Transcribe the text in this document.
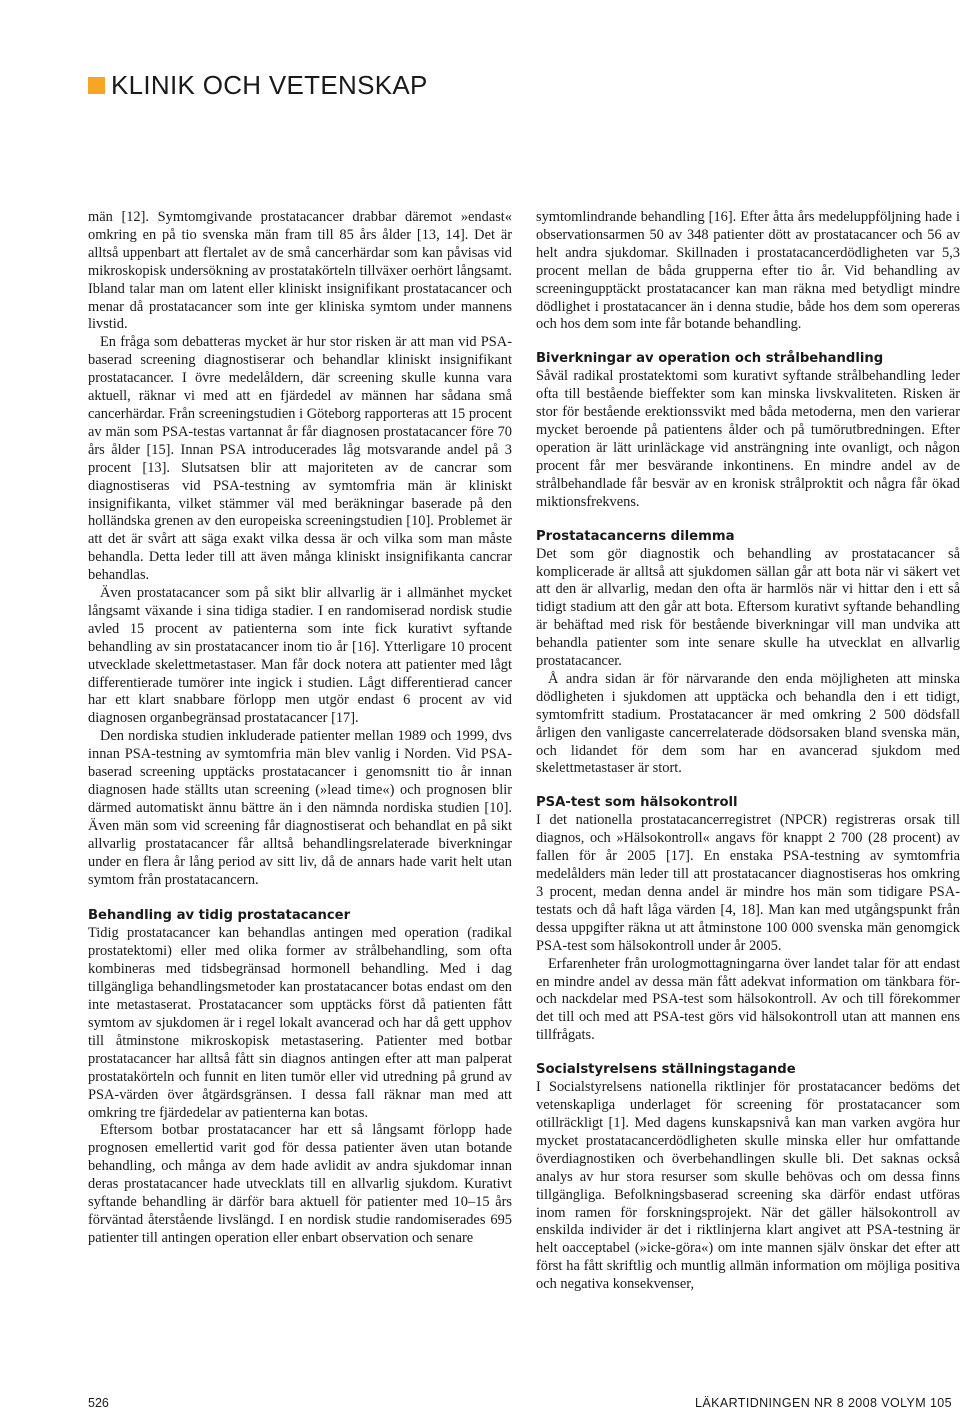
KLINIK OCH VETENSKAP

män [12]. Symtomgivande prostatacancer drabbar däremot »endast« omkring en på tio svenska män fram till 85 års ålder [13, 14]. Det är alltså uppenbart att flertalet av de små cancerhärdar som kan påvisas vid mikroskopisk undersökning av prostatakörteln tillväxer oerhört långsamt. Ibland talar man om latent eller kliniskt insignifikant prostatacancer och menar då prostatacancer som inte ger kliniska symtom under mannens livstid.

En fråga som debatteras mycket är hur stor risken är att man vid PSA-baserad screening diagnostiserar och behandlar kliniskt insignifikant prostatacancer. I övre medelåldern, där screening skulle kunna vara aktuell, räknar vi med att en fjärdedel av männen har sådana små cancerhärdar. Från screeningstudien i Göteborg rapporteras att 15 procent av män som PSA-testas vartannat år får diagnosen prostatacancer före 70 års ålder [15]. Innan PSA introducerades låg motsvarande andel på 3 procent [13]. Slutsatsen blir att majoriteten av de cancrar som diagnostiseras vid PSA-testning av symtomfria män är kliniskt insignifikanta, vilket stämmer väl med beräkningar baserade på den holländska grenen av den europeiska screeningstudien [10]. Problemet är att det är svårt att säga exakt vilka dessa är och vilka som man måste behandla. Detta leder till att även många kliniskt insignifikanta cancrar behandlas.

Även prostatacancer som på sikt blir allvarlig är i allmänhet mycket långsamt växande i sina tidiga stadier. I en randomiserad nordisk studie avled 15 procent av patienterna som inte fick kurativt syftande behandling av sin prostatacancer inom tio år [16]. Ytterligare 10 procent utvecklade skelettmetastaser. Man får dock notera att patienter med lågt differentierade tumörer inte ingick i studien. Lågt differentierad cancer har ett klart snabbare förlopp men utgör endast 6 procent av vid diagnosen organbegränsad prostatacancer [17].

Den nordiska studien inkluderade patienter mellan 1989 och 1999, dvs innan PSA-testning av symtomfria män blev vanlig i Norden. Vid PSA-baserad screening upptäcks prostatacancer i genomsnitt tio år innan diagnosen hade ställts utan screening (»lead time«) och prognosen blir därmed automatiskt ännu bättre än i den nämnda nordiska studien [10]. Även män som vid screening får diagnostiserat och behandlat en på sikt allvarlig prostatacancer får alltså behandlingsrelaterade biverkningar under en flera år lång period av sitt liv, då de annars hade varit helt utan symtom från prostatacancern.

Behandling av tidig prostatacancer

Tidig prostatacancer kan behandlas antingen med operation (radikal prostatektomi) eller med olika former av strålbehandling, som ofta kombineras med tidsbegränsad hormonell behandling. Med i dag tillgängliga behandlingsmetoder kan prostatacancer botas endast om den inte metastaserat. Prostatacancer som upptäcks först då patienten fått symtom av sjukdomen är i regel lokalt avancerad och har då gett upphov till åtminstone mikroskopisk metastasering. Patienter med botbar prostatacancer har alltså fått sin diagnos antingen efter att man palperat prostatakörteln och funnit en liten tumör eller vid utredning på grund av PSA-värden över åtgärdsgränsen. I dessa fall räknar man med att omkring tre fjärdedelar av patienterna kan botas.

Eftersom botbar prostatacancer har ett så långsamt förlopp hade prognosen emellertid varit god för dessa patienter även utan botande behandling, och många av dem hade avlidit av andra sjukdomar innan deras prostatacancer hade utvecklats till en allvarlig sjukdom. Kurativt syftande behandling är därför bara aktuell för patienter med 10–15 års förväntad återstående livslängd. I en nordisk studie randomiserades 695 patienter till antingen operation eller enbart observation och senare

symtomlindrande behandling [16]. Efter åtta års medeluppföljning hade i observationsarmen 50 av 348 patienter dött av prostatacancer och 56 av helt andra sjukdomar. Skillnaden i prostatacancerdödligheten var 5,3 procent mellan de båda grupperna efter tio år. Vid behandling av screeningupptäckt prostatacancer kan man räkna med betydligt mindre dödlighet i prostatacancer än i denna studie, både hos dem som opereras och hos dem som inte får botande behandling.

Biverkningar av operation och strålbehandling

Såväl radikal prostatektomi som kurativt syftande strålbehandling leder ofta till bestående bieffekter som kan minska livskvaliteten. Risken är stor för bestående erektionssvikt med båda metoderna, men den varierar mycket beroende på patientens ålder och på tumörutbredningen. Efter operation är lätt urinläckage vid ansträngning inte ovanligt, och någon procent får mer besvärande inkontinens. En mindre andel av de strålbehandlade får besvär av en kronisk strålproktit och några får ökad miktionsfrekvens.

Prostatacancerns dilemma

Det som gör diagnostik och behandling av prostatacancer så komplicerade är alltså att sjukdomen sällan går att bota när vi säkert vet att den är allvarlig, medan den ofta är harmlös när vi hittar den i ett så tidigt stadium att den går att bota. Eftersom kurativt syftande behandling är behäftad med risk för bestående biverkningar vill man undvika att behandla patienter som inte senare skulle ha utvecklat en allvarlig prostatacancer.

Å andra sidan är för närvarande den enda möjligheten att minska dödligheten i sjukdomen att upptäcka och behandla den i ett tidigt, symtomfritt stadium. Prostatacancer är med omkring 2 500 dödsfall årligen den vanligaste cancerrelaterade dödsorsaken bland svenska män, och lidandet för dem som har en avancerad sjukdom med skelettmetastaser är stort.

PSA-test som hälsokontroll

I det nationella prostatacancerregistret (NPCR) registreras orsak till diagnos, och »Hälsokontroll« angavs för knappt 2 700 (28 procent) av fallen för år 2005 [17]. En enstaka PSA-testning av symtomfria medelålders män leder till att prostatacancer diagnostiseras hos omkring 3 procent, medan denna andel är mindre hos män som tidigare PSA-testats och då haft låga värden [4, 18]. Man kan med utgångspunkt från dessa uppgifter räkna ut att åtminstone 100 000 svenska män genomgick PSA-test som hälsokontroll under år 2005.

Erfarenheter från urologmottagningarna över landet talar för att endast en mindre andel av dessa män fått adekvat information om tänkbara för- och nackdelar med PSA-test som hälsokontroll. Av och till förekommer det till och med att PSA-test görs vid hälsokontroll utan att mannen ens tillfrågats.

Socialstyrelsens ställningstagande

I Socialstyrelsens nationella riktlinjer för prostatacancer bedöms det vetenskapliga underlaget för screening för prostatacancer som otillräckligt [1]. Med dagens kunskapsnivå kan man varken avgöra hur mycket prostatacancerdödligheten skulle minska eller hur omfattande överdiagnostiken och överbehandlingen skulle bli. Det saknas också analys av hur stora resurser som skulle behövas och om dessa finns tillgängliga. Befolkningsbaserad screening ska därför endast utföras inom ramen för forskningsprojekt. När det gäller hälsokontroll av enskilda individer är det i riktlinjerna klart angivet att PSA-testning är helt oacceptabel (»icke-göra«) om inte mannen själv önskar det efter att först ha fått skriftlig och muntlig allmän information om möjliga positiva och negativa konsekvenser,

526	LÄKARTIDNINGEN NR 8 2008 VOLYM 105
